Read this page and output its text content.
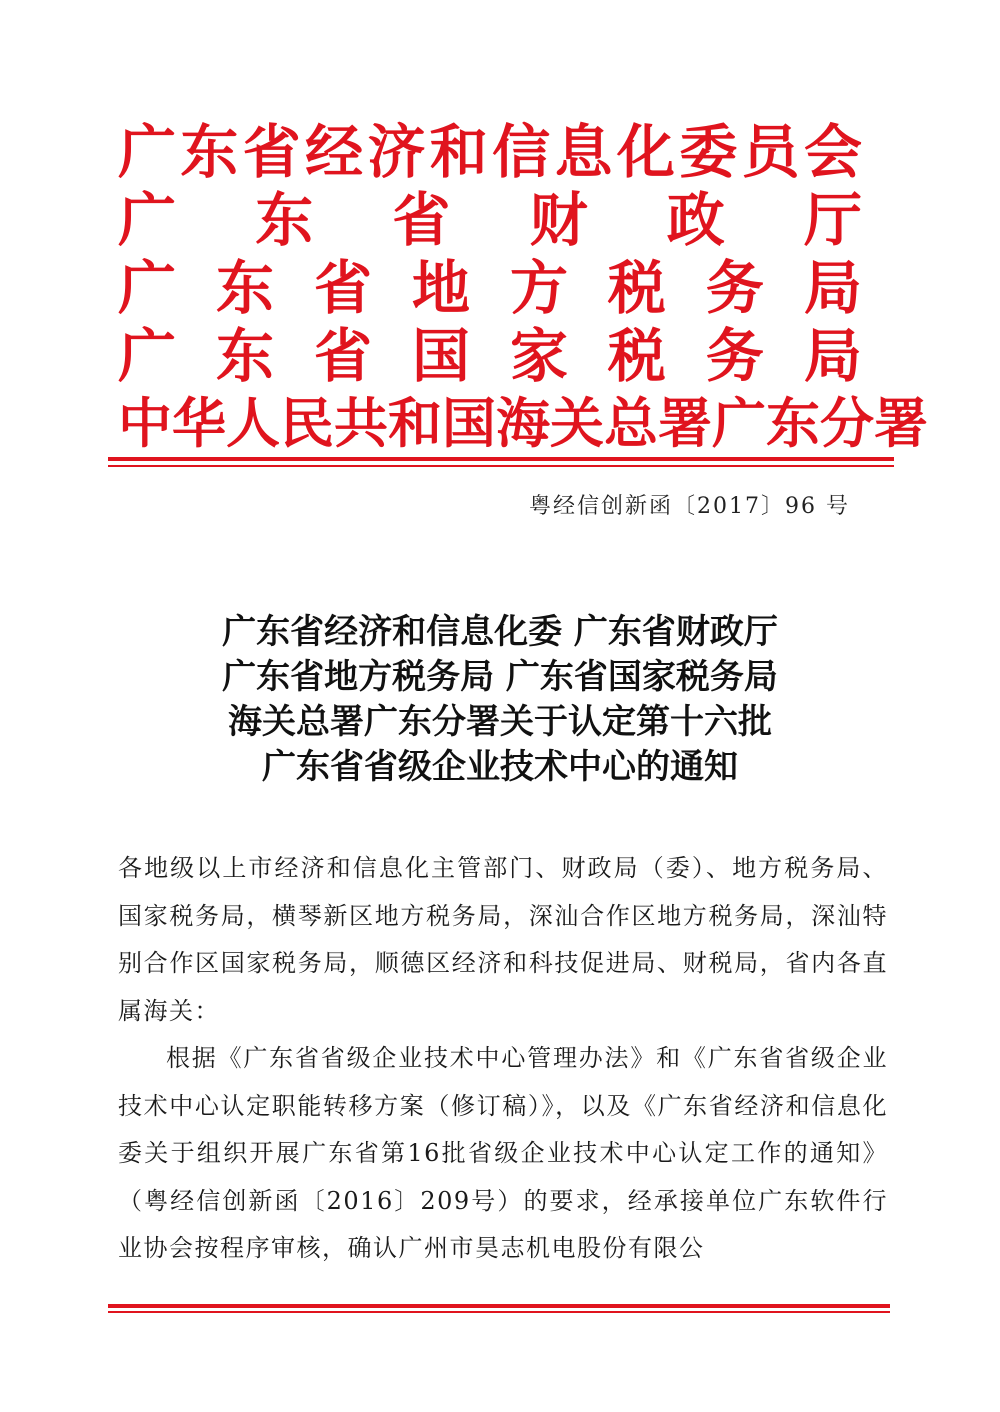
广 东 省 经 济 和 信 息 化 委 员 会
广 东 省 财 政 厅
广 东 省 地 方 税 务 局
广 东 省 国 家 税 务 局
中 华 人 民 共 和 国 海 关 总 署 广 东 分 署
粤经信创新函〔2017〕96 号
广东省经济和信息化委 广东省财政厅
广东省地方税务局 广东省国家税务局
海关总署广东分署关于认定第十六批
广东省省级企业技术中心的通知

各地级以上市经济和信息化主管部门、财政局（委）、地方税务局、国家税务局，横琴新区地方税务局，深汕合作区地方税务局，深汕特别合作区国家税务局，顺德区经济和科技促进局、财税局，省内各直属海关：

根据《广东省省级企业技术中心管理办法》和《广东省省级企业技术中心认定职能转移方案（修订稿）》，以及《广东省经济和信息化委关于组织开展广东省第16批省级企业技术中心认定工作的通知》（粤经信创新函〔2016〕209号）的要求，经承接单位广东软件行业协会按程序审核，确认广州市昊志机电股份有限公
